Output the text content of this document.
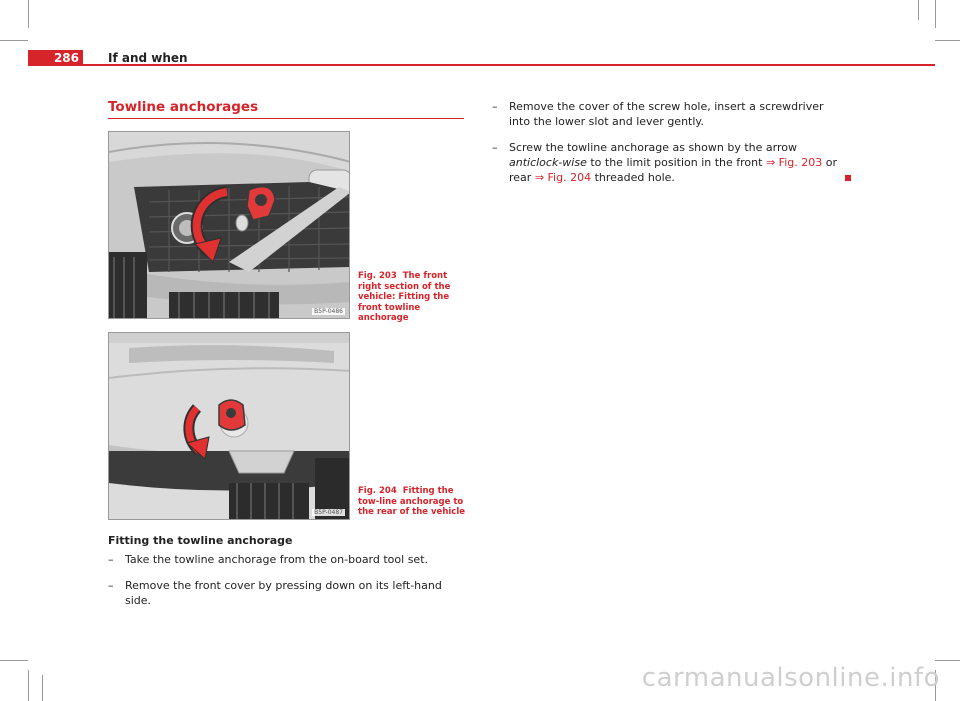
286	If and when
Towline anchorages
B5P-0486
Fig. 203 The front right section of the vehicle: Fitting the front towline anchorage
B5P-0487
Fig. 204 Fitting the tow-line anchorage to the rear of the vehicle
Fitting the towline anchorage
– Take the towline anchorage from the on-board tool set.
– Remove the front cover by pressing down on its left-hand side.
– Remove the cover of the screw hole, insert a screwdriver into the lower slot and lever gently.
– Screw the towline anchorage as shown by the arrow anticlock-wise to the limit position in the front ⇒ Fig. 203 or rear ⇒ Fig. 204 threaded hole.
carmanualsonline.info
